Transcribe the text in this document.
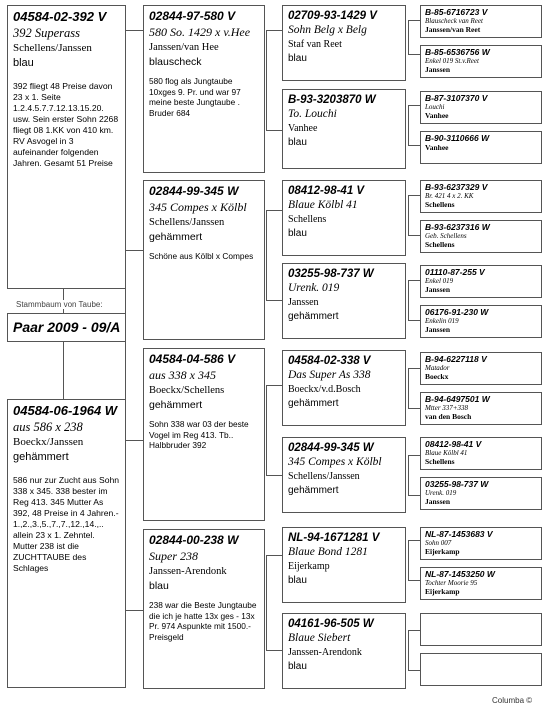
04584-02-392 V
392 Superass
Schellens/Janssen
blau
392 fliegt 48 Preise davon 23 x 1. Seite 1.2.4.5.7.7.12.13.15.20. usw. Sein erster Sohn 2268 fliegt 08 1.KK von 410 km. RV Asvogel in 3 aufeinander folgenden Jahren. Gesamt 51 Preise
Stammbaum von Taube:
Paar 2009 - 09/A
04584-06-1964 W
aus 586 x 238
Boeckx/Janssen
gehämmert
586 nur zur Zucht aus Sohn 338 x 345. 338 bester im Reg 413. 345 Mutter As 392, 48 Preise in 4 Jahren.- 1.,2.,3.,5.,7.,7.,12.,14.,.. allein 23 x 1. Zehntel. Mutter 238 ist die ZUCHTTAUBE des Schlages
02844-97-580 V
580 So. 1429 x v.Hee
Janssen/van Hee
blauscheck
580 flog als Jungtaube 10xges 9. Pr. und war 97 meine beste Jungtaube . Bruder 684
02844-99-345 W
345 Compes x Kölbl
Schellens/Janssen
gehämmert
Schöne aus Kölbl x Compes
04584-04-586 V
aus 338 x 345
Boeckx/Schellens
gehämmert
Sohn 338 war 03 der beste Vogel im Reg 413. Tb.. Halbbruder 392
02844-00-238 W
Super 238
Janssen-Arendonk
blau
238 war die Beste Jungtaube die ich je hatte 13x ges - 13x Pr. 974 Aspunkte mit 1500.- Preisgeld
02709-93-1429 V
Sohn Belg x Belg
Staf van Reet
blau
B-93-3203870 W
To. Louchi
Vanhee
blau
08412-98-41 V
Blaue Kölbl 41
Schellens
blau
03255-98-737 W
Urenk. 019
Janssen
gehämmert
04584-02-338 V
Das Super As 338
Boeckx/v.d.Bosch
gehämmert
02844-99-345 W
345 Compes x Kölbl
Schellens/Janssen
gehämmert
NL-94-1671281 V
Blaue Bond 1281
Eijerkamp
blau
04161-96-505 W
Blaue Siebert
Janssen-Arendonk
blau
B-85-6716723 V
Blauscheck van Reet
Janssen/van Reet
B-85-6536756 W
Enkel 019 St.v.Reet
Janssen
B-87-3107370 V
Louchi
Vanhee
B-90-3110666 W
Vanhee
B-93-6237329 V
Br. 421 4 x 2. KK
Schellens
B-93-6237316 W
Geb. Schellens
Schellens
01110-87-255 V
Enkel 019
Janssen
06176-91-230 W
Enkelin 019
Janssen
B-94-6227118 V
Matador
Boeckx
B-94-6497501 W
Mtter 337+338
van den Bosch
08412-98-41 V
Blaue Kölbl 41
Schellens
03255-98-737 W
Urenk. 019
Janssen
NL-87-1453683 V
Sohn 007
Eijerkamp
NL-87-1453250 W
Tochter Moorie 95
Eijerkamp
Columba ©
